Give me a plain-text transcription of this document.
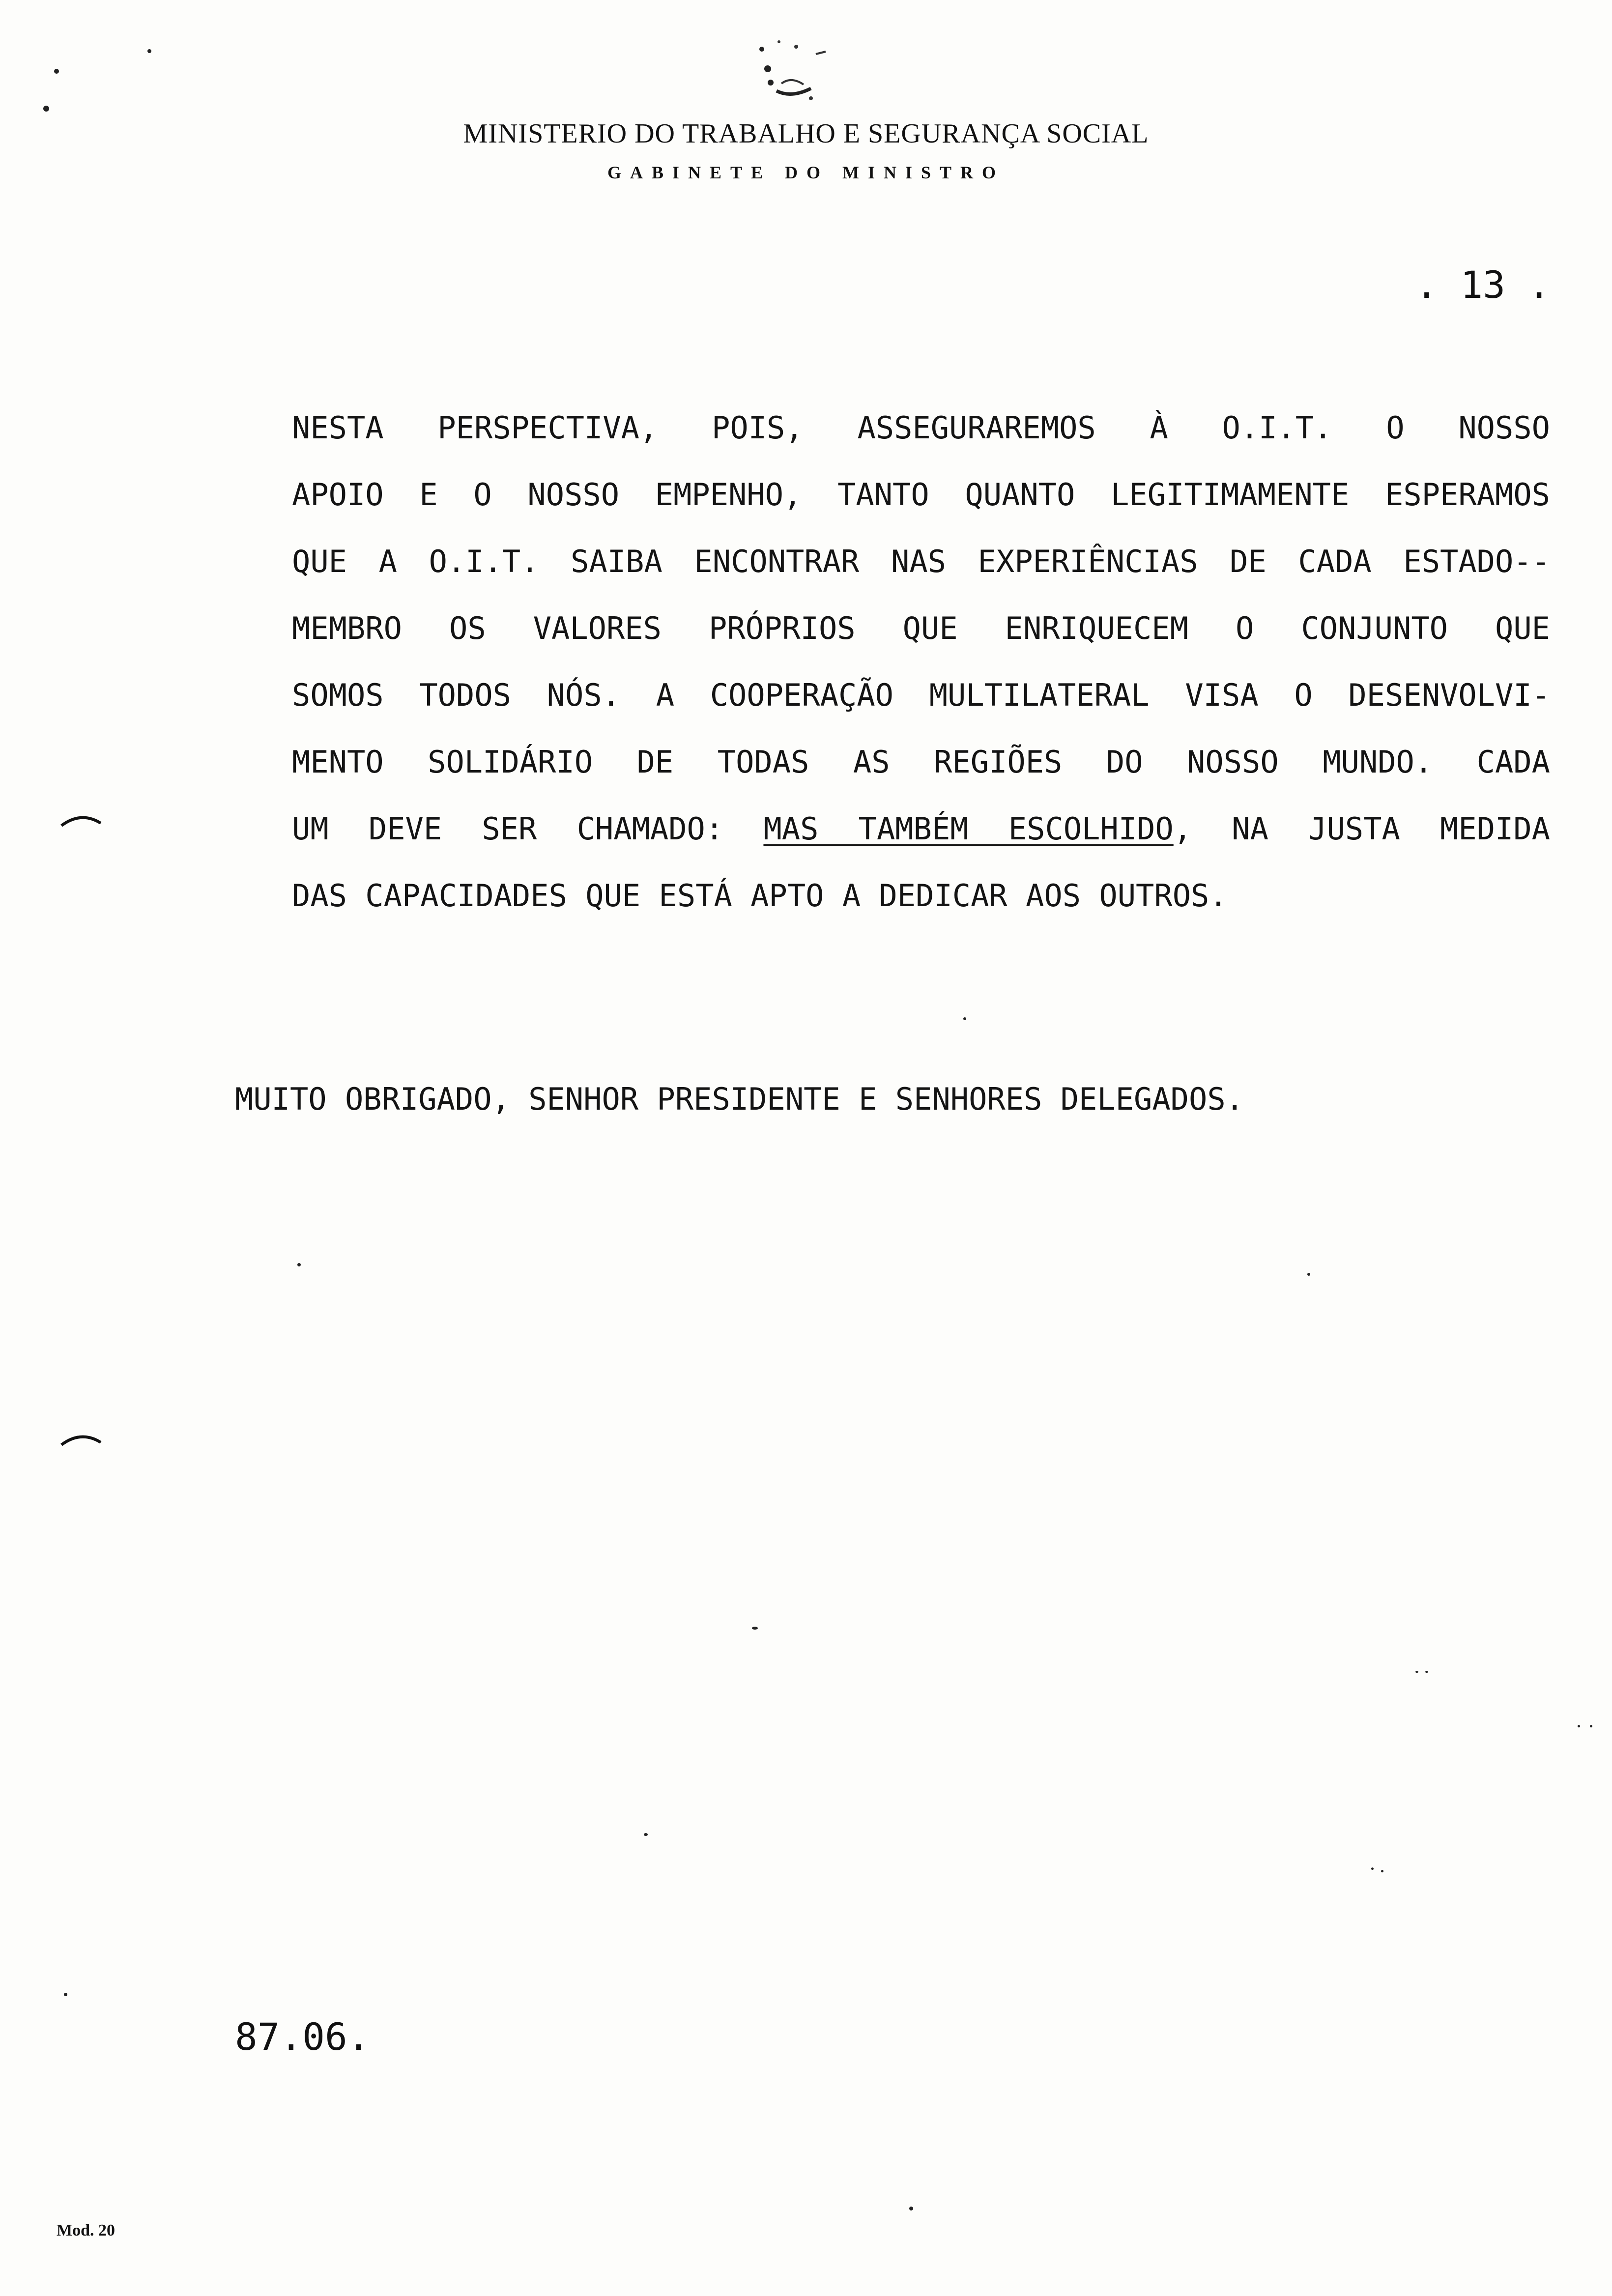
MINISTERIO DO TRABALHO E SEGURANÇA SOCIAL
GABINETE DO MINISTRO
. 13 .
NESTA PERSPECTIVA, POIS, ASSEGURAREMOS À O.I.T. O NOSSO
APOIO E O NOSSO EMPENHO, TANTO QUANTO LEGITIMAMENTE ESPERAMOS
QUE A O.I.T. SAIBA ENCONTRAR NAS EXPERIÊNCIAS DE CADA ESTADO--
MEMBRO OS VALORES PRÓPRIOS QUE ENRIQUECEM O CONJUNTO QUE
SOMOS TODOS NÓS. A COOPERAÇÃO MULTILATERAL VISA O DESENVOLVI-
MENTO SOLIDÁRIO DE TODAS AS REGIÕES DO NOSSO MUNDO. CADA
UM DEVE SER CHAMADO: MAS TAMBÉM ESCOLHIDO, NA JUSTA MEDIDA
DAS CAPACIDADES QUE ESTÁ APTO A DEDICAR AOS OUTROS.
MUITO OBRIGADO, SENHOR PRESIDENTE E SENHORES DELEGADOS.
87.06.
Mod. 20
